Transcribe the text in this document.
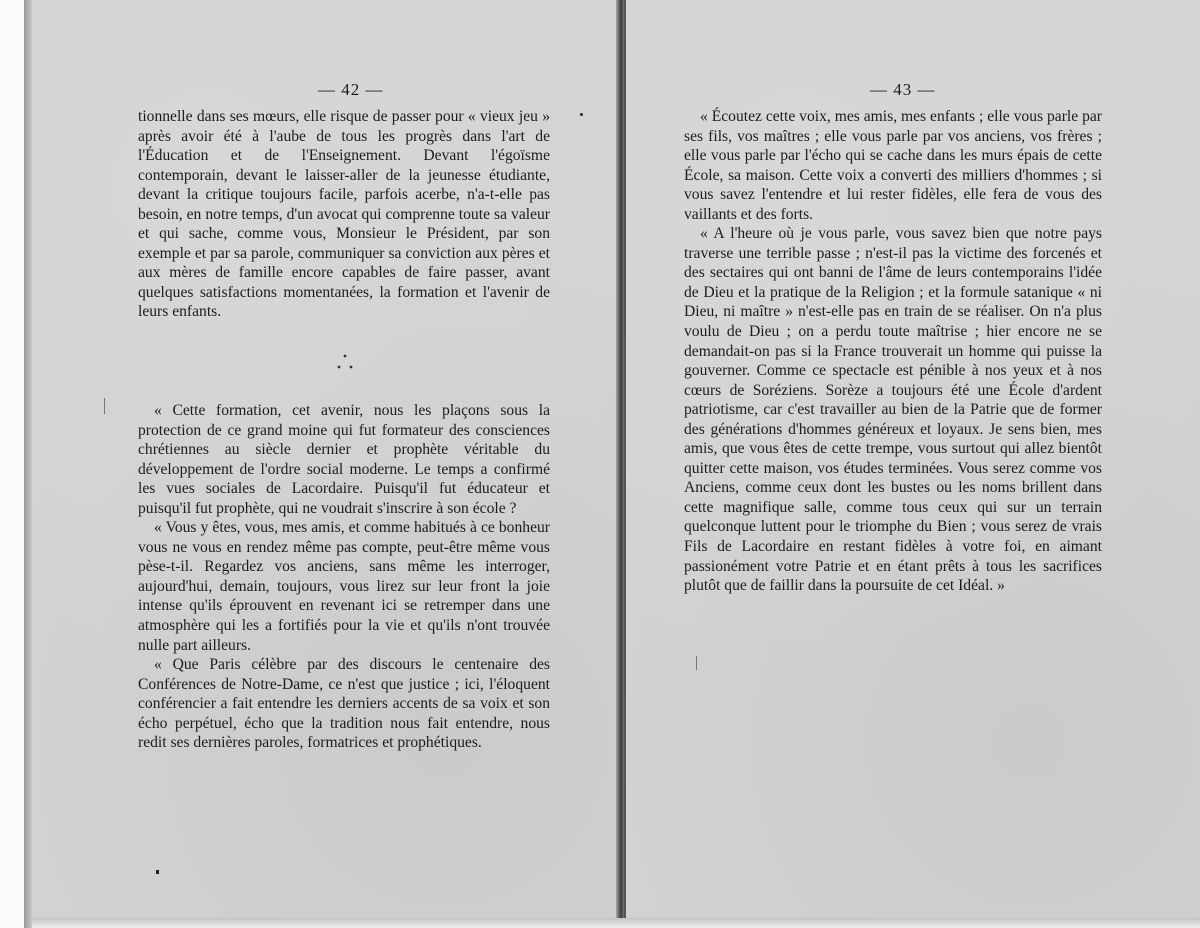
— 42 —

tionnelle dans ses mœurs, elle risque de passer pour « vieux jeu » après avoir été à l'aube de tous les progrès dans l'art de l'Éducation et de l'Enseignement. Devant l'égoïsme contemporain, devant le laisser-aller de la jeunesse étudiante, devant la critique toujours facile, parfois acerbe, n'a-t-elle pas besoin, en notre temps, d'un avocat qui comprenne toute sa valeur et qui sache, comme vous, Monsieur le Président, par son exemple et par sa parole, communiquer sa conviction aux pères et aux mères de famille encore capables de faire passer, avant quelques satisfactions momentanées, la formation et l'avenir de leurs enfants.

« Cette formation, cet avenir, nous les plaçons sous la protection de ce grand moine qui fut formateur des consciences chrétiennes au siècle dernier et prophète véritable du développement de l'ordre social moderne. Le temps a confirmé les vues sociales de Lacordaire. Puisqu'il fut éducateur et puisqu'il fut prophète, qui ne voudrait s'inscrire à son école ?

« Vous y êtes, vous, mes amis, et comme habitués à ce bonheur vous ne vous en rendez même pas compte, peut-être même vous pèse-t-il. Regardez vos anciens, sans même les interroger, aujourd'hui, demain, toujours, vous lirez sur leur front la joie intense qu'ils éprouvent en revenant ici se retremper dans une atmosphère qui les a fortifiés pour la vie et qu'ils n'ont trouvée nulle part ailleurs.

« Que Paris célèbre par des discours le centenaire des Conférences de Notre-Dame, ce n'est que justice ; ici, l'éloquent conférencier a fait entendre les derniers accents de sa voix et son écho perpétuel, écho que la tradition nous fait entendre, nous redit ses dernières paroles, formatrices et prophétiques.

— 43 —

« Écoutez cette voix, mes amis, mes enfants ; elle vous parle par ses fils, vos maîtres ; elle vous parle par vos anciens, vos frères ; elle vous parle par l'écho qui se cache dans les murs épais de cette École, sa maison. Cette voix a converti des milliers d'hommes ; si vous savez l'entendre et lui rester fidèles, elle fera de vous des vaillants et des forts.

« A l'heure où je vous parle, vous savez bien que notre pays traverse une terrible passe ; n'est-il pas la victime des forcenés et des sectaires qui ont banni de l'âme de leurs contemporains l'idée de Dieu et la pratique de la Religion ; et la formule satanique « ni Dieu, ni maître » n'est-elle pas en train de se réaliser. On n'a plus voulu de Dieu ; on a perdu toute maîtrise ; hier encore ne se demandait-on pas si la France trouverait un homme qui puisse la gouverner. Comme ce spectacle est pénible à nos yeux et à nos cœurs de Soréziens. Sorèze a toujours été une École d'ardent patriotisme, car c'est travailler au bien de la Patrie que de former des générations d'hommes généreux et loyaux. Je sens bien, mes amis, que vous êtes de cette trempe, vous surtout qui allez bientôt quitter cette maison, vos études terminées. Vous serez comme vos Anciens, comme ceux dont les bustes ou les noms brillent dans cette magnifique salle, comme tous ceux qui sur un terrain quelconque luttent pour le triomphe du Bien ; vous serez de vrais Fils de Lacordaire en restant fidèles à votre foi, en aimant passionément votre Patrie et en étant prêts à tous les sacrifices plutôt que de faillir dans la poursuite de cet Idéal. »
